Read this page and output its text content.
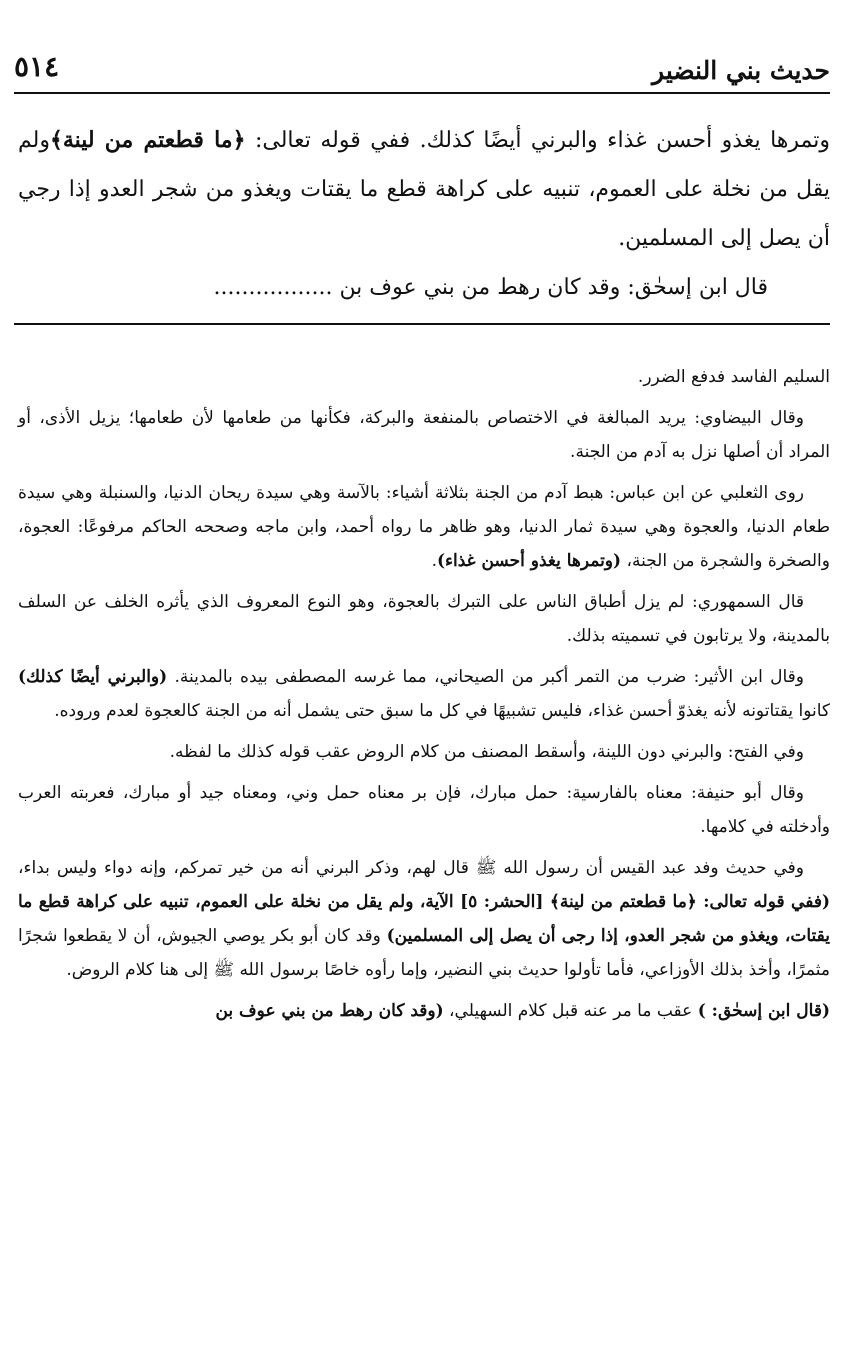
حديث بني النضير
٥١٤

وتمرها يغذو أحسن غذاء والبرني أيضًا كذلك. ففي قوله تعالى: ﴿ما قطعتم من لينة﴾ولم يقل من نخلة على العموم، تنبيه على كراهة قطع ما يقتات ويغذو من شجر العدو إذا رجي أن يصل إلى المسلمين.

قال ابن إسحٰق: وقد كان رهط من بني عوف بن .................

السليم الفاسد فدفع الضرر.

وقال البيضاوي: يريد المبالغة في الاختصاص بالمنفعة والبركة، فكأنها من طعامها لأن طعامها؛ يزيل الأذى، أو المراد أن أصلها نزل به آدم من الجنة.

روى الثعلبي عن ابن عباس: هبط آدم من الجنة بثلاثة أشياء: بالآسة وهي سيدة ريحان الدنيا، والسنبلة وهي سيدة طعام الدنيا، والعجوة وهي سيدة ثمار الدنيا، وهو ظاهر ما رواه أحمد، وابن ماجه وصححه الحاكم مرفوعًا: العجوة، والصخرة والشجرة من الجنة، (وتمرها يغذو أحسن غذاء).

قال السمهوري: لم يزل أطباق الناس على التبرك بالعجوة، وهو النوع المعروف الذي يأثره الخلف عن السلف بالمدينة، ولا يرتابون في تسميته بذلك.

وقال ابن الأثير: ضرب من التمر أكبر من الصيحاني، مما غرسه المصطفى بيده بالمدينة. (والبرني أيضًا كذلك) كانوا يقتاتونه لأنه يغذوّ أحسن غذاء، فليس تشبيهًا في كل ما سبق حتى يشمل أنه من الجنة كالعجوة لعدم وروده.

وفي الفتح: والبرني دون اللينة، وأسقط المصنف من كلام الروض عقب قوله كذلك ما لفظه.

وقال أبو حنيفة: معناه بالفارسية: حمل مبارك، فإن بر معناه حمل وني، ومعناه جيد أو مبارك، فعربته العرب وأدخلته في كلامها.

وفي حديث وفد عبد القيس أن رسول الله ﷺ قال لهم، وذكر البرني أنه من خير تمركم، وإنه دواء وليس بداء، (ففي قوله تعالى: ﴿ما قطعتم من لينة﴾ [الحشر: ٥] الآية، ولم يقل من نخلة على العموم، تنبيه على كراهة قطع ما يقتات، ويغذو من شجر العدو، إذا رجى أن يصل إلى المسلمين) وقد كان أبو بكر يوصي الجيوش، أن لا يقطعوا شجرًا مثمرًا، وأخذ بذلك الأوزاعي، فأما تأولوا حديث بني النضير، وإما رأوه خاصًا برسول الله ﷺ إلى هنا كلام الروض.

(قال ابن إسحٰق: ) عقب ما مر عنه قبل كلام السهيلي، (وقد كان رهط من بني عوف بن
